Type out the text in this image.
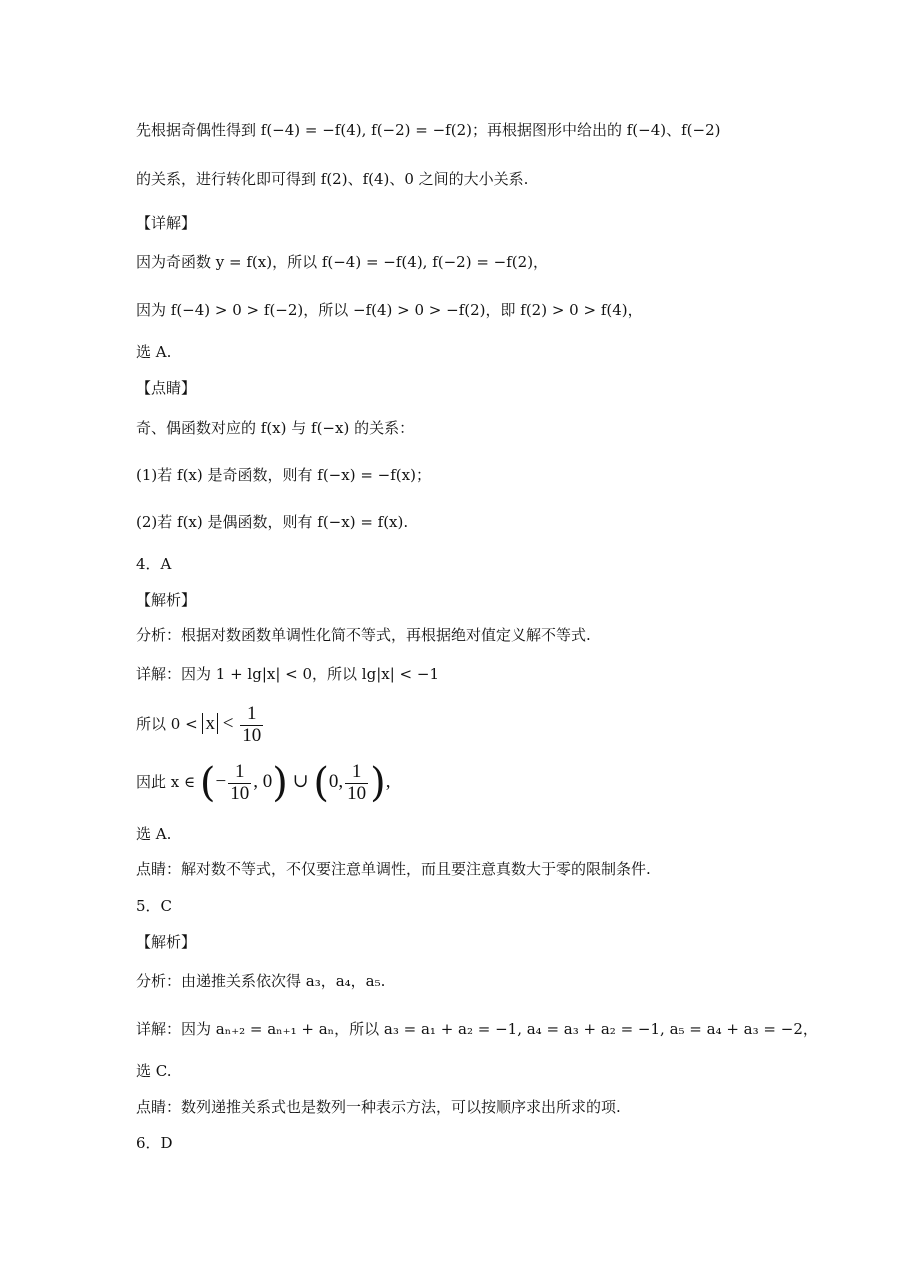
先根据奇偶性得到 f(−4) = −f(4), f(−2) = −f(2)；再根据图形中给出的 f(−4)、f(−2)
的关系，进行转化即可得到 f(2)、f(4)、0 之间的大小关系.
【详解】
因为奇函数 y = f(x)，所以 f(−4) = −f(4), f(−2) = −f(2)，
因为 f(−4) > 0 > f(−2)，所以 −f(4) > 0 > −f(2)，即 f(2) > 0 > f(4)，
选 A.
【点睛】
奇、偶函数对应的 f(x) 与 f(−x) 的关系：
(1)若 f(x) 是奇函数，则有 f(−x) = −f(x)；
(2)若 f(x) 是偶函数，则有 f(−x) = f(x).
4．A
【解析】
分析：根据对数函数单调性化简不等式，再根据绝对值定义解不等式.
详解：因为 1 + lg|x| < 0，所以 lg|x| < −1
所以 $0 < x < \frac{1}{10}$
因此 x ∈ (− $\frac{1}{10}$ , 0) ∪ (0, $\frac{1}{10}$ ),
选 A.
点睛：解对数不等式，不仅要注意单调性，而且要注意真数大于零的限制条件.
5．C
【解析】
分析：由递推关系依次得 a₃，a₄，a₅.
详解：因为 aₙ₊₂ = aₙ₊₁ + aₙ，所以 a₃ = a₁ + a₂ = −1, a₄ = a₃ + a₂ = −1, a₅ = a₄ + a₃ = −2，
选 C.
点睛：数列递推关系式也是数列一种表示方法，可以按顺序求出所求的项.
6．D
